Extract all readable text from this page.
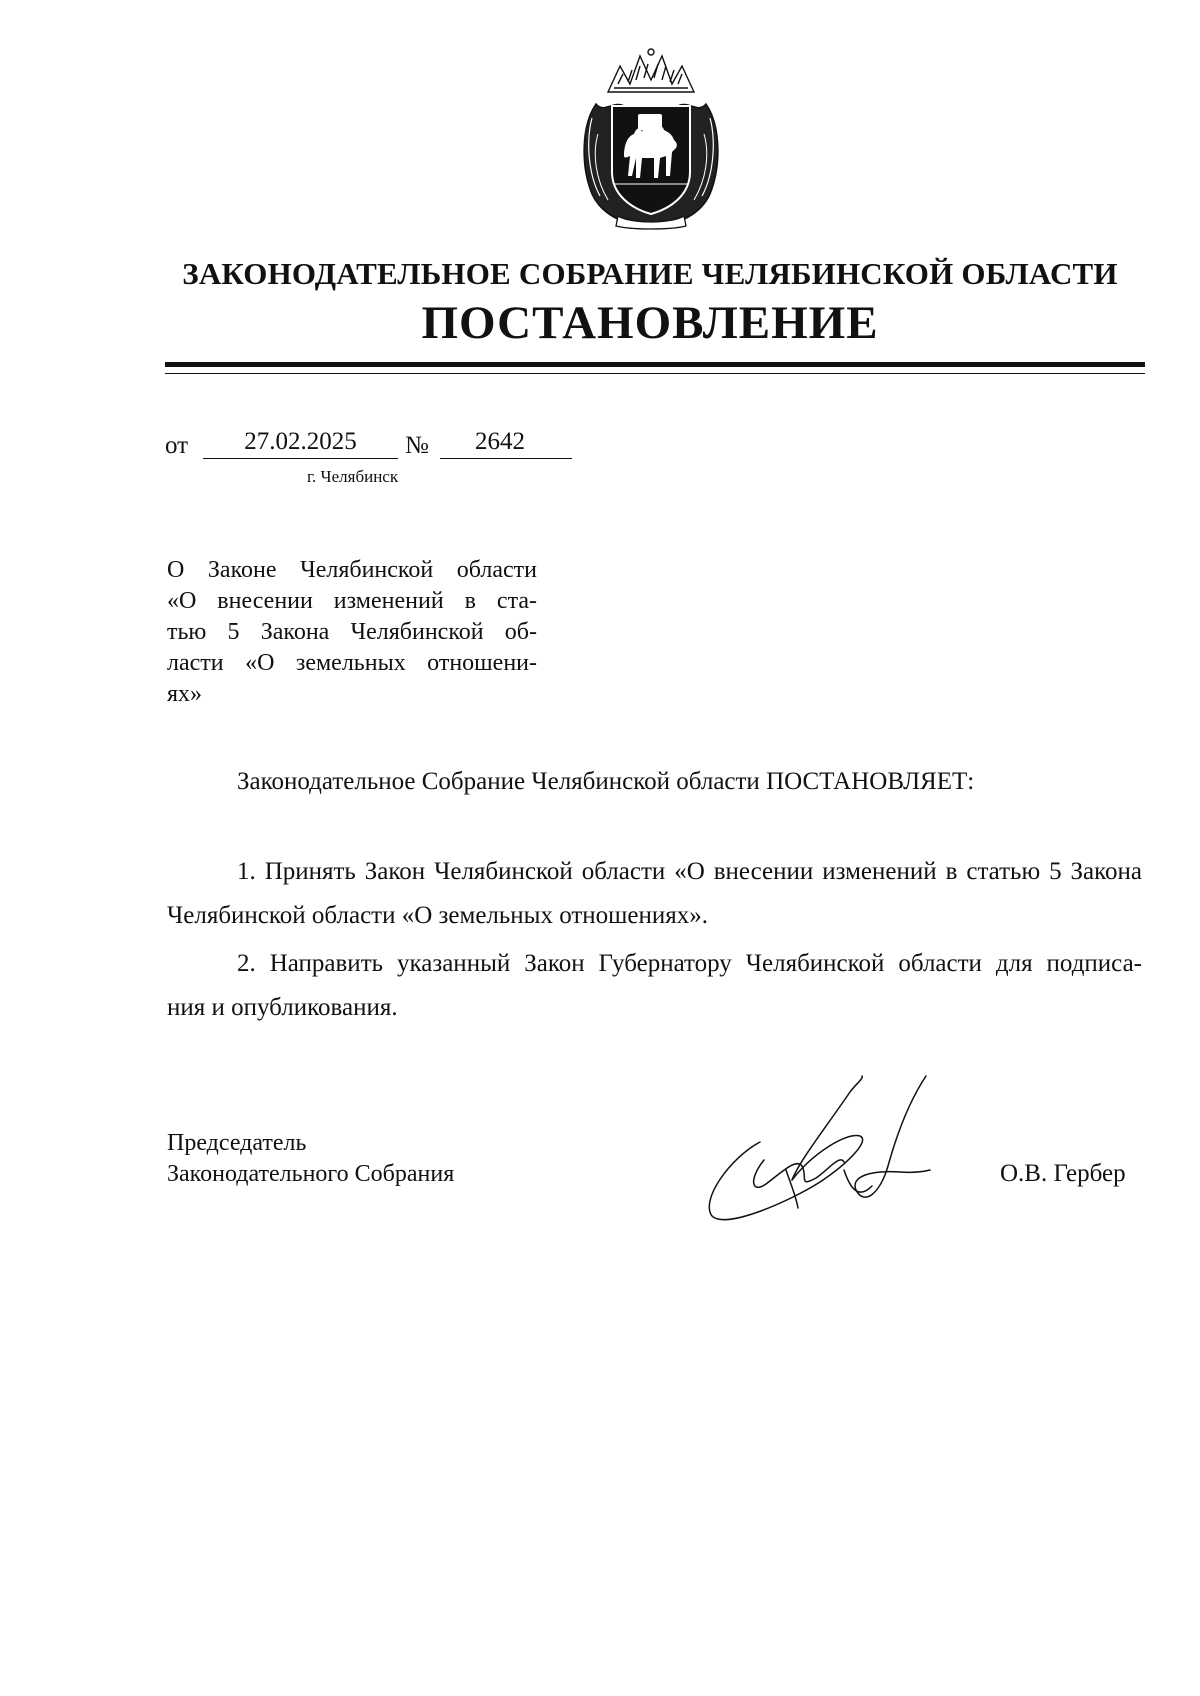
ЗАКОНОДАТЕЛЬНОЕ СОБРАНИЕ ЧЕЛЯБИНСКОЙ ОБЛАСТИ
ПОСТАНОВЛЕНИЕ
от	27.02.2025	№	2642
г. Челябинск
О Законе Челябинской области
«О внесении изменений в ста-
тью 5 Закона Челябинской об-
ласти «О земельных отношени-
ях»
Законодательное Собрание Челябинской области ПОСТАНОВЛЯЕТ:
1. Принять Закон Челябинской области «О внесении изменений в статью 5 Закона
Челябинской области «О земельных отношениях».
2. Направить указанный Закон Губернатору Челябинской области для подписа-
ния и опубликования.
Председатель
Законодательного Собрания	О.В. Гербер
